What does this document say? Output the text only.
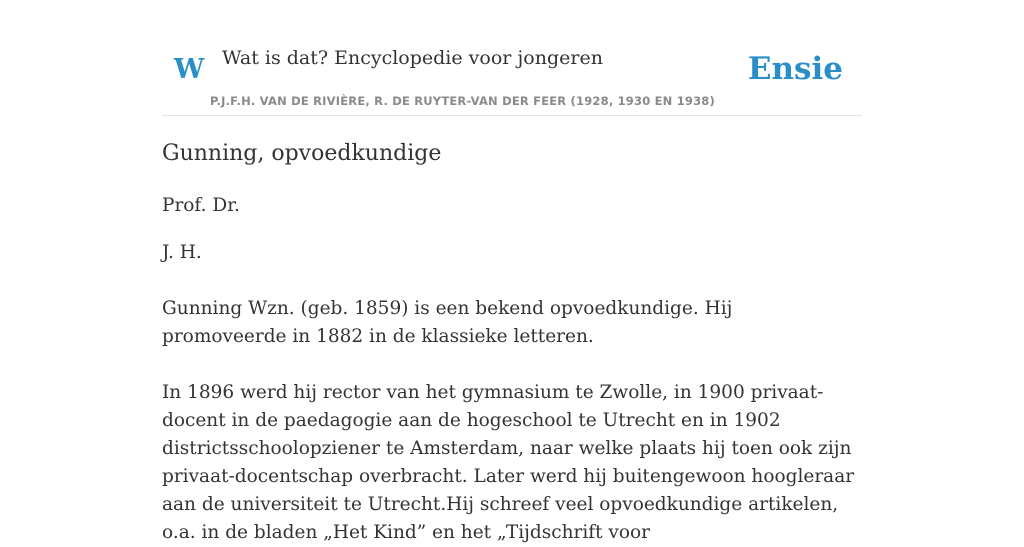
W Wat is dat? Encyclopedie voor jongeren
P.J.F.H. VAN DE RIVIÈRE, R. DE RUYTER-VAN DER FEER (1928, 1930 EN 1938)
Ensie
Gunning, opvoedkundige

Prof. Dr.

J. H.

Gunning Wzn. (geb. 1859) is een bekend opvoedkundige. Hij promoveerde in 1882 in de klassieke letteren.

In 1896 werd hij rector van het gymnasium te Zwolle, in 1900 privaat-docent in de paedagogie aan de hogeschool te Utrecht en in 1902 districtsschoolopziener te Amsterdam, naar welke plaats hij toen ook zijn privaat-docentschap overbracht. Later werd hij buitengewoon hoogleraar aan de universiteit te Utrecht.Hij schreef veel opvoedkundige artikelen, o.a. in de bladen „Het Kind” en het „Tijdschrift voor
